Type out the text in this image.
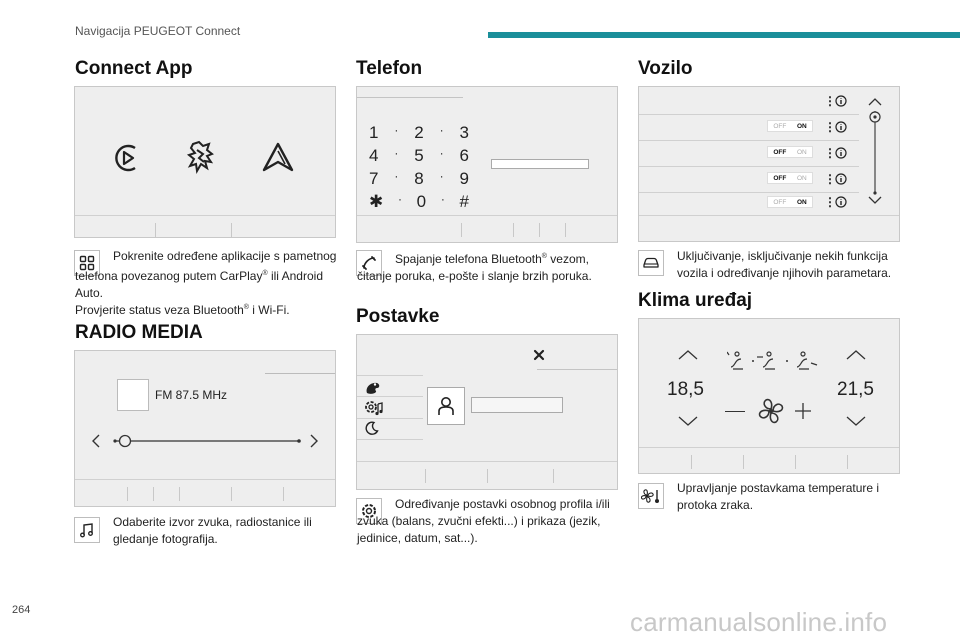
Navigacija PEUGEOT Connect
Connect App

Pokrenite određene aplikacije s pametnog telefona povezanog putem CarPlay® ili Android Auto.

Provjerite status veza Bluetooth® i Wi-Fi.

RADIO MEDIA
FM 87.5 MHz
Odaberite izvor zvuka, radiostanice ili gledanje fotografija.
Telefon
1 · 2 · 3
4 · 5 · 6
7 · 8 · 9
✱ · 0 · #

Spajanje telefona Bluetooth® vezom, čitanje poruka, e-pošte i slanje brzih poruka.

Postavke
Određivanje postavki osobnog profila i/ili zvuka (balans, zvučni efekti...) i prikaza (jezik, jedinice, datum, sat...).
Vozilo
⋮
OFF ON ⋮
OFF ON ⋮
OFF ON ⋮
OFF ON ⋮
Uključivanje, isključivanje nekih funkcija vozila i određivanje njihovih parametara.
Klima uređaj
18,5	21,5
Upravljanje postavkama temperature i protoka zraka.
264	carmanualsonline.info
